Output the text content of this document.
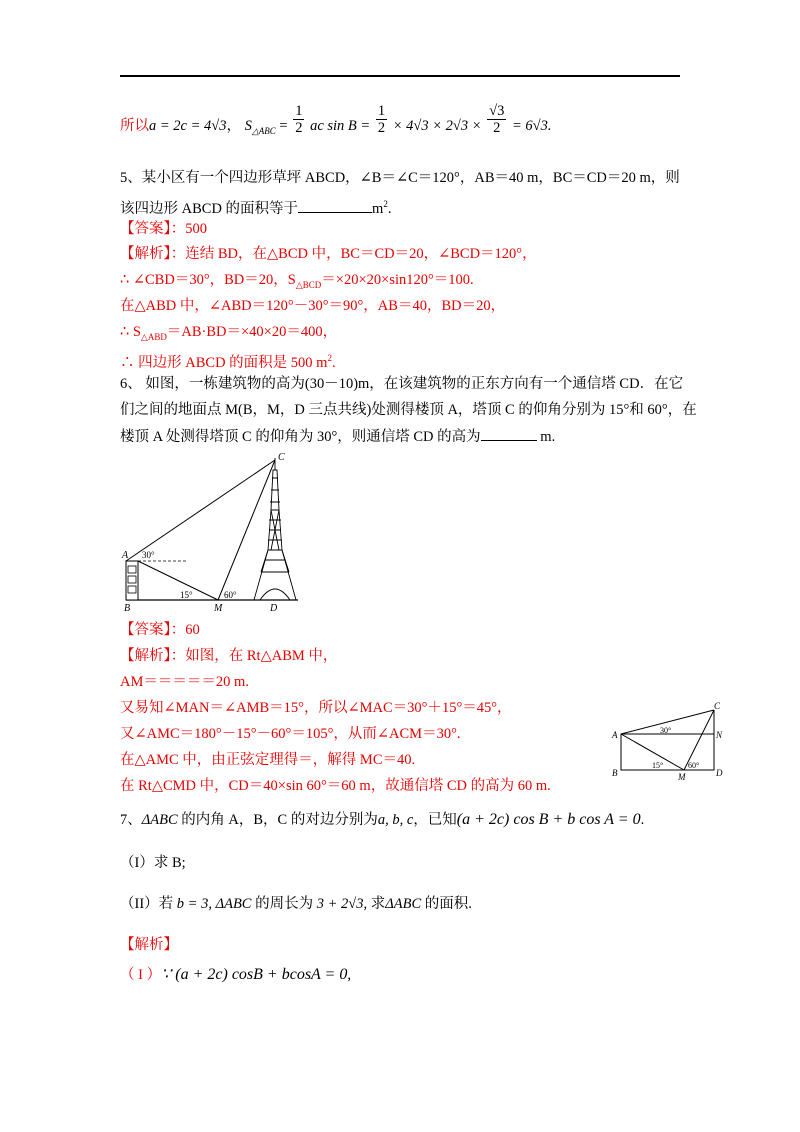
所以a = 2c = 4√3， $S_{\triangle ABC} = \frac{1}{2}$ ac $\sin B = \frac{1}{2} \times 4√3 \times 2√3 \times \frac{√3}{2} = 6√3$.
5、某小区有一个四边形草坪 ABCD，∠B＝∠C＝120°，AB＝40 m，BC＝CD＝20 m，则
该四边形 ABCD 的面积等于	$m^2$.
【答案】：500
【解析】：连结 BD，在△BCD 中，BC＝CD＝20，∠BCD＝120°，
∴ ∠CBD＝30°，BD＝20，$S_{\triangle BCD}=\times 20\times 20\times\sin 120^\circ=100$.
在△ABD 中，∠ABD＝120°－30°＝90°，AB＝40，BD＝20，
∴ $S_{\triangle ABD}=AB\cdot BD=\times 40\times 20=400$，
∴ 四边形 ABCD 的面积是 500 $m^2$.
6、 如图，一栋建筑物的高为(30－10)m，在该建筑物的正东方向有一个通信塔 CD．在它
们之间的地面点 M(B，M，D 三点共线)处测得楼顶 A，塔顶 C 的仰角分别为 15°和 60°，在
楼顶 A 处测得塔顶 C 的仰角为 30°，则通信塔 CD 的高为	m.
A
B
C
M	D
30°
15°	60°
【答案】：60
【解析】：如图，在 Rt△ABM 中，
AM＝＝＝＝＝20 m.
又易知∠MAN＝∠AMB＝15°，所以∠MAC＝30°＋15°＝45°，
又∠AMC＝180°－15°－60°＝105°，从而∠ACM＝30°.
在△AMC 中，由正弦定理得＝，解得 MC＝40.
在 Rt△CMD 中，CD＝40×sin 60°＝60 m，故通信塔 CD 的高为 60 m.
A
B
C
M	D
N
30°
15°	60°
7、ΔABC 的内角 A，B，C 的对边分别为a, b, c，已知(a + 2c) cos B + b cos A = 0.
（I）求 B;
（II）若 b = 3, ΔABC 的周长为 3 + 2√3, 求ΔABC 的面积.
【解析】
（ I ）∵ (a + 2c) cosB + bcosA = 0,
